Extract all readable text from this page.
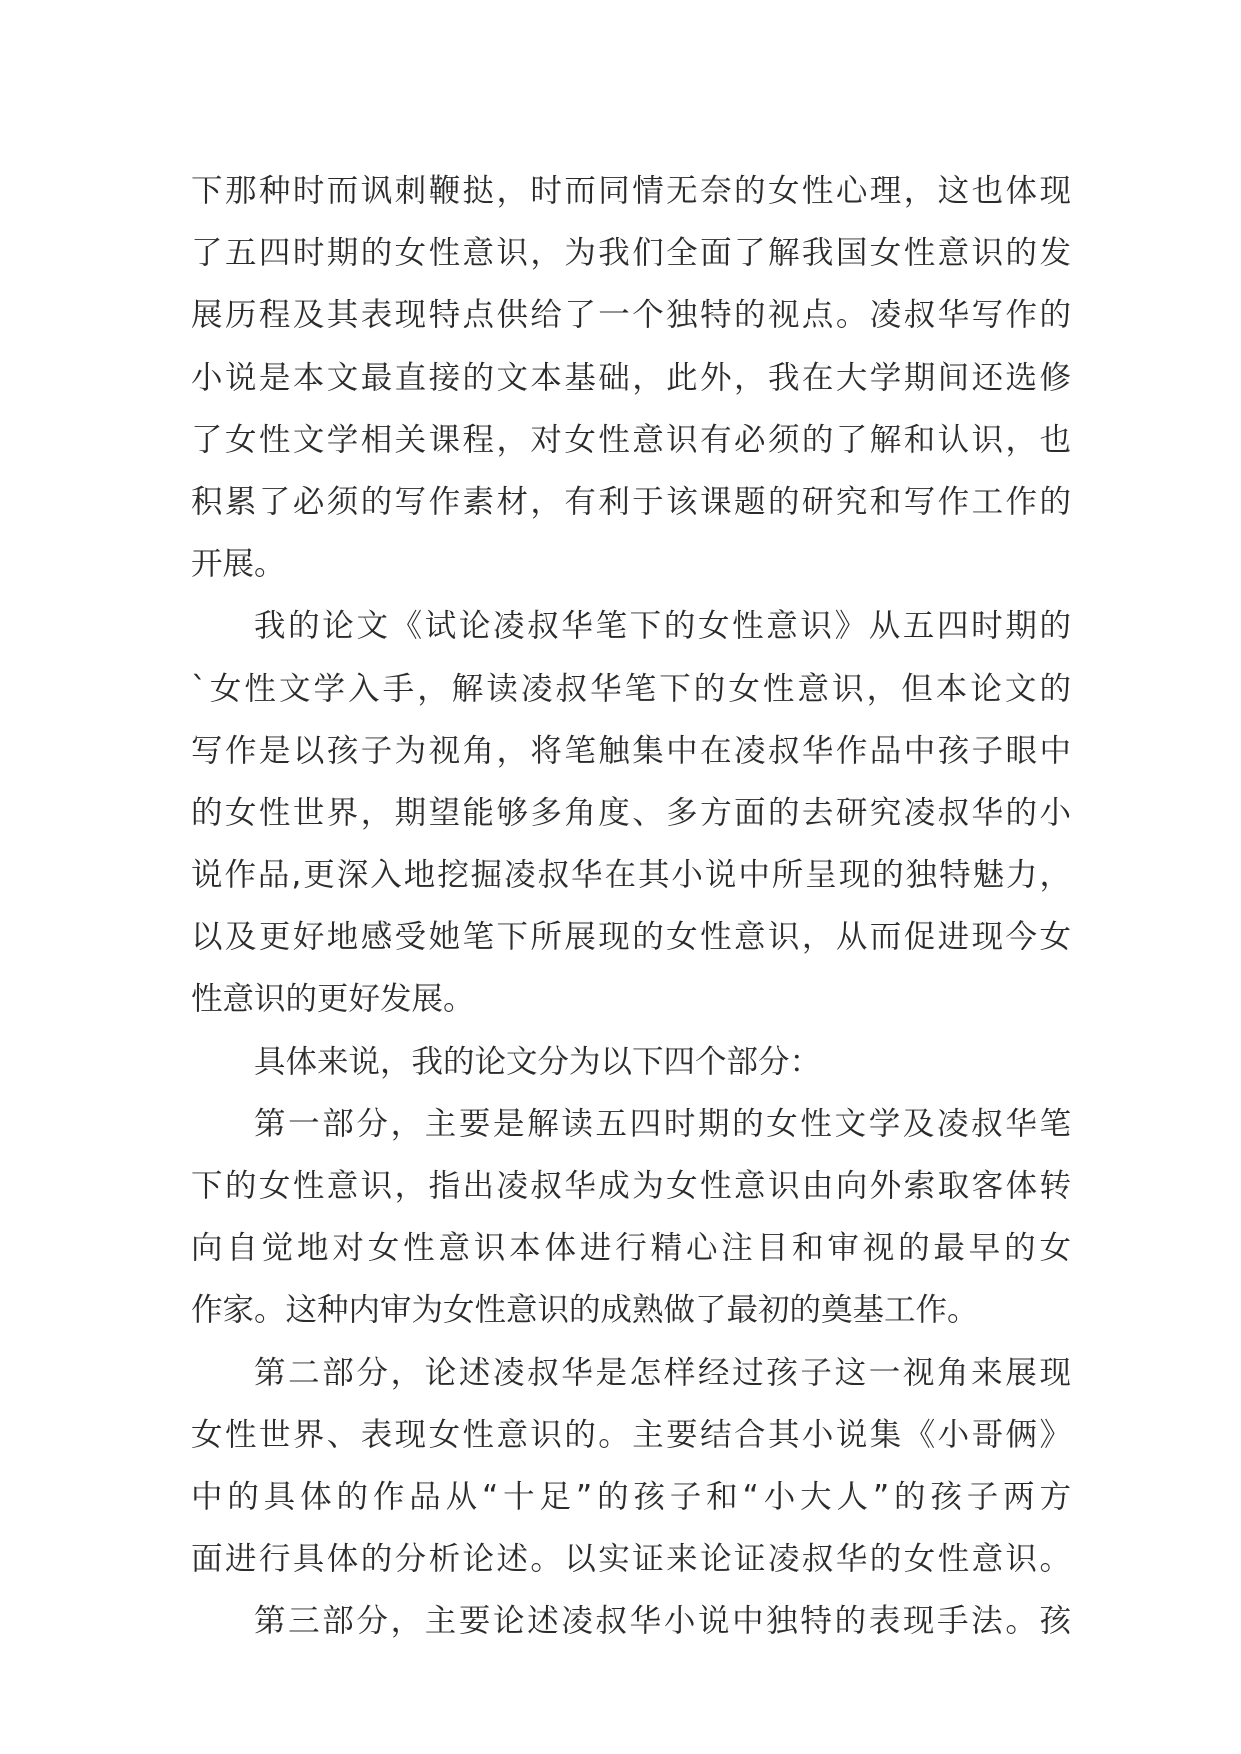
下那种时而讽刺鞭挞，时而同情无奈的女性心理，这也体现
了五四时期的女性意识，为我们全面了解我国女性意识的发
展历程及其表现特点供给了一个独特的视点。凌叔华写作的
小说是本文最直接的文本基础，此外，我在大学期间还选修
了女性文学相关课程，对女性意识有必须的了解和认识，也
积累了必须的写作素材，有利于该课题的研究和写作工作的
开展。
我的论文《试论凌叔华笔下的女性意识》从五四时期的
`女性文学入手，解读凌叔华笔下的女性意识，但本论文的
写作是以孩子为视角，将笔触集中在凌叔华作品中孩子眼中
的女性世界，期望能够多角度、多方面的去研究凌叔华的小
说作品,更深入地挖掘凌叔华在其小说中所呈现的独特魅力，
以及更好地感受她笔下所展现的女性意识，从而促进现今女
性意识的更好发展。
具体来说，我的论文分为以下四个部分：
第一部分，主要是解读五四时期的女性文学及凌叔华笔
下的女性意识，指出凌叔华成为女性意识由向外索取客体转
向自觉地对女性意识本体进行精心注目和审视的最早的女
作家。这种内审为女性意识的成熟做了最初的奠基工作。
第二部分，论述凌叔华是怎样经过孩子这一视角来展现
女性世界、表现女性意识的。主要结合其小说集《小哥俩》
中的具体的作品从“十足”的孩子和“小大人”的孩子两方
面进行具体的分析论述。以实证来论证凌叔华的女性意识。
第三部分，主要论述凌叔华小说中独特的表现手法。孩
